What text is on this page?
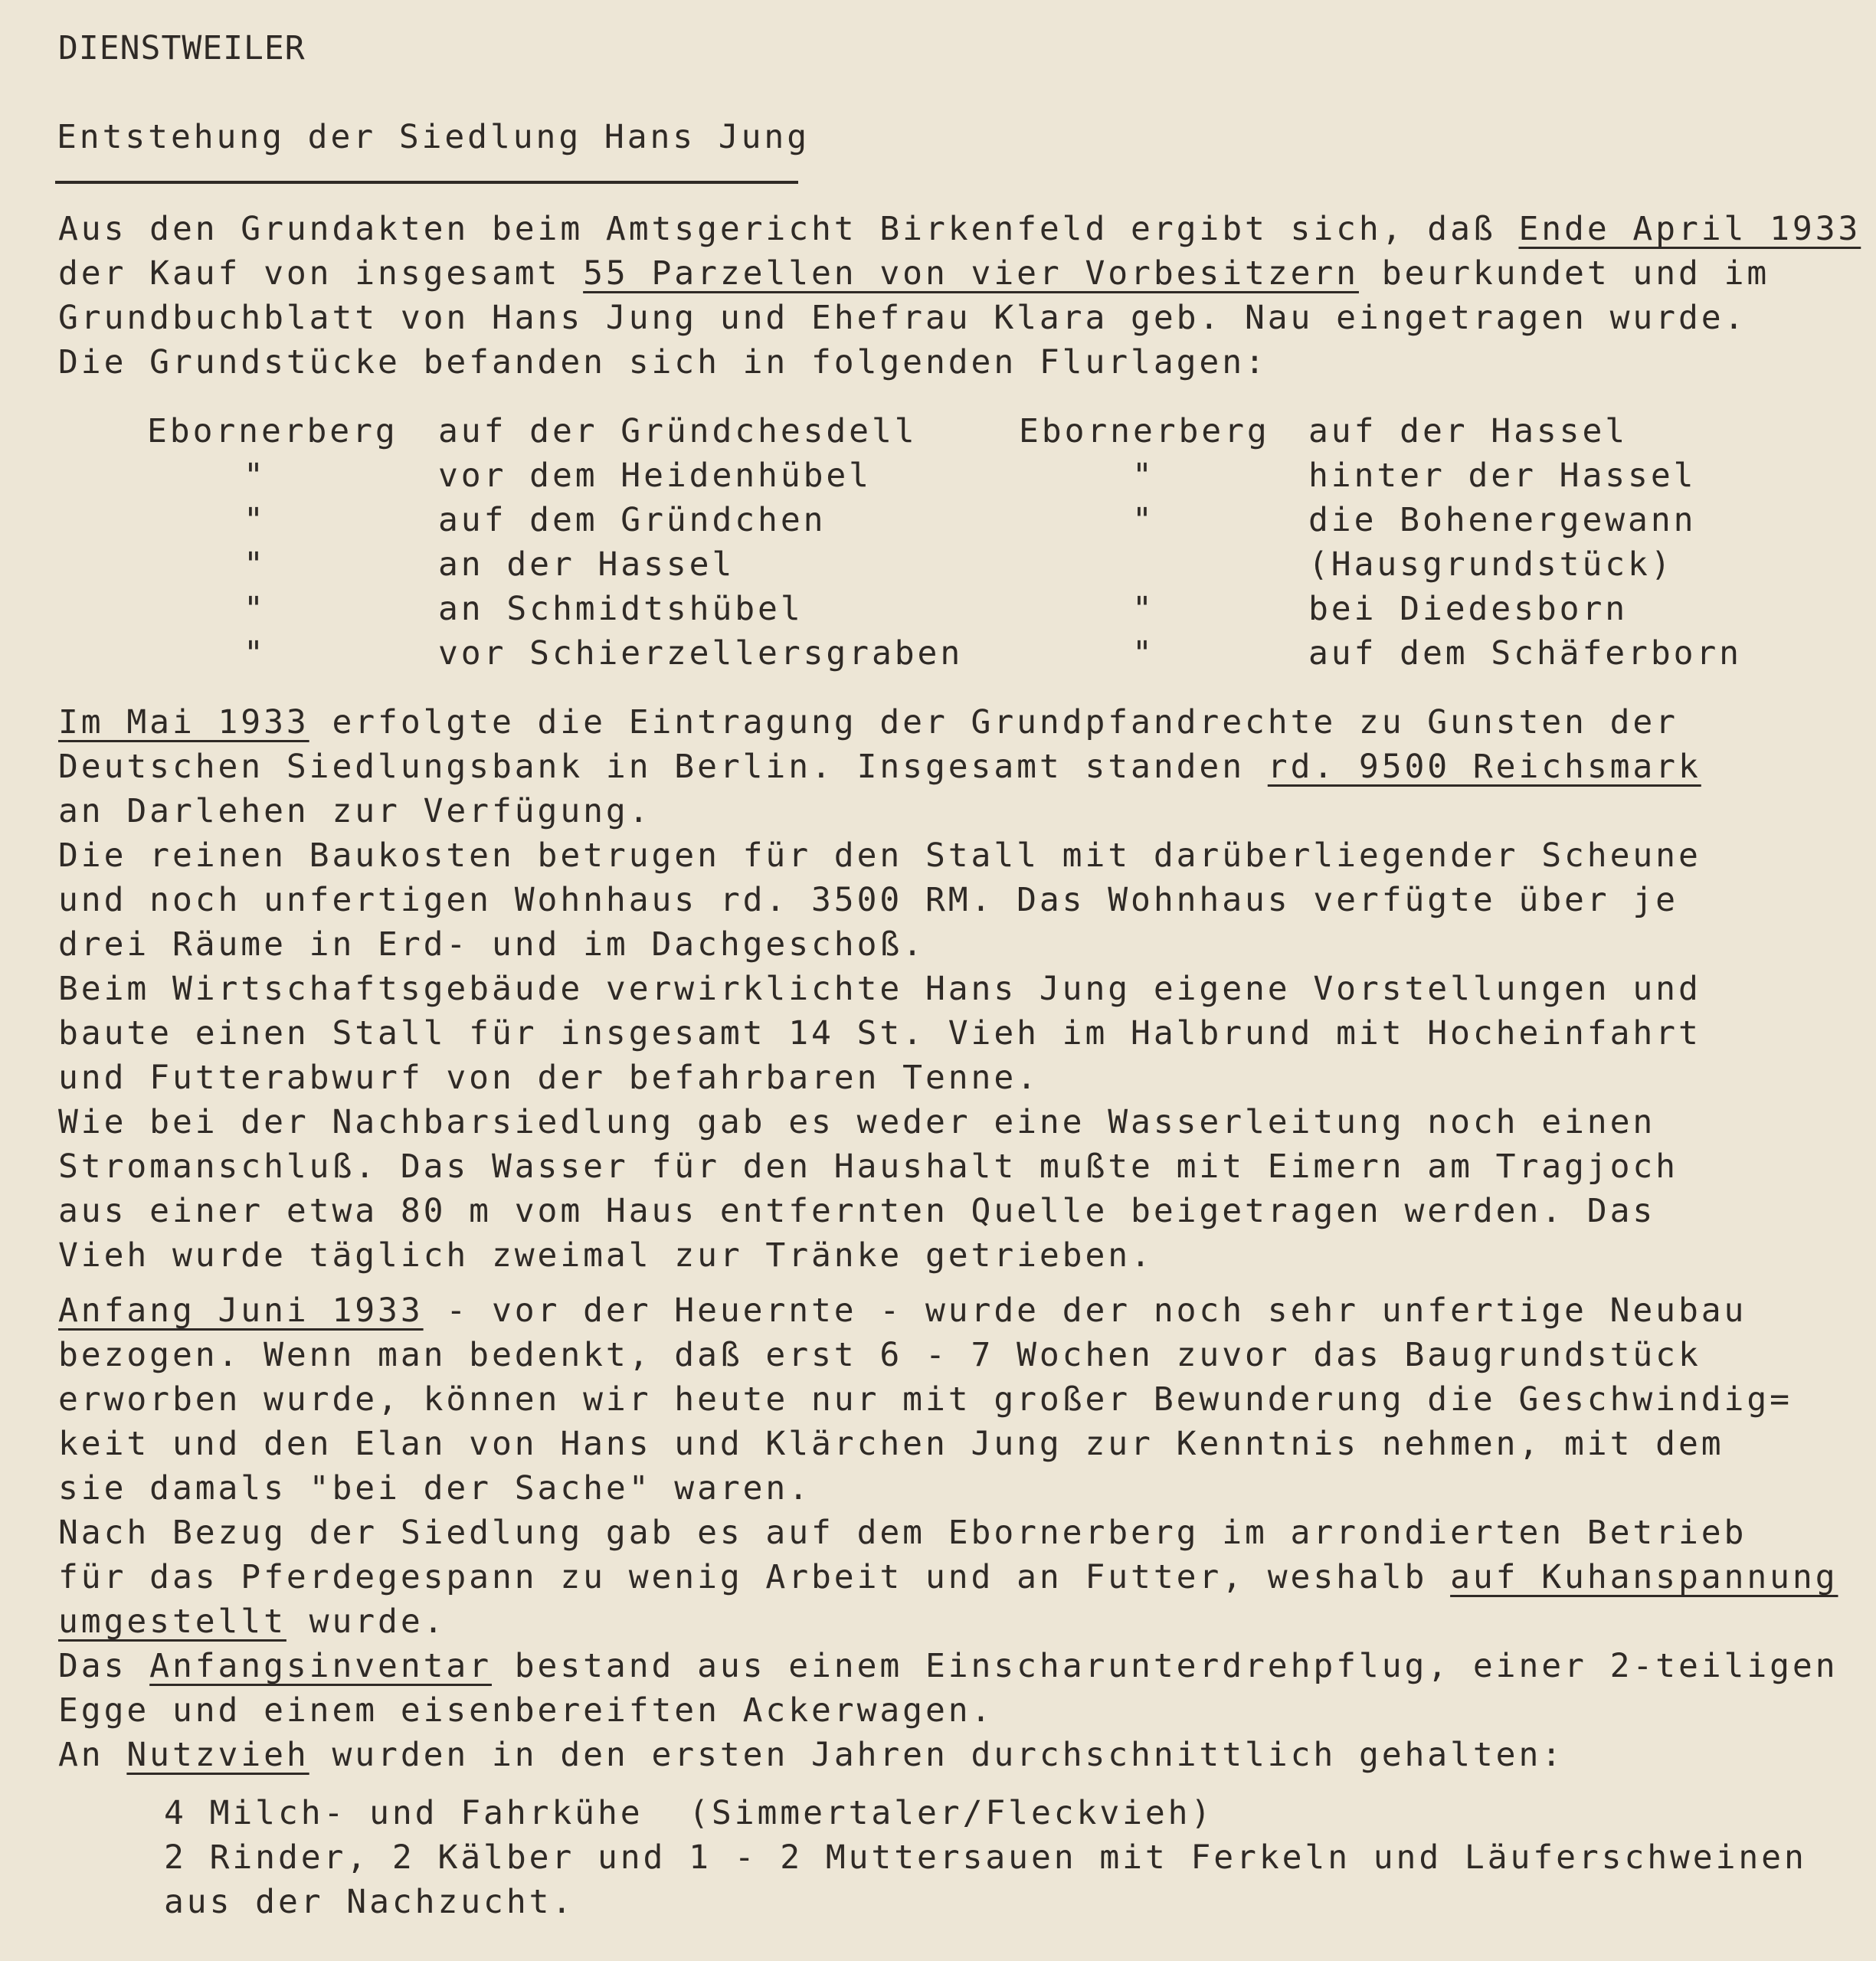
DIENSTWEILER
Entstehung der Siedlung Hans Jung
Aus den Grundakten beim Amtsgericht Birkenfeld ergibt sich, daß Ende April 1933
der Kauf von insgesamt 55 Parzellen von vier Vorbesitzern beurkundet und im
Grundbuchblatt von Hans Jung und Ehefrau Klara geb. Nau eingetragen wurde.
Die Grundstücke befanden sich in folgenden Flurlagen:
Ebornerberg
"
"
"
"
"
auf der Gründchesdell
vor dem Heidenhübel
auf dem Gründchen
an der Hassel
an Schmidtshübel
vor Schierzellersgraben
Ebornerberg
"
"
"
"
auf der Hassel
hinter der Hassel
die Bohenergewann
(Hausgrundstück)
bei Diedesborn
auf dem Schäferborn
Im Mai 1933 erfolgte die Eintragung der Grundpfandrechte zu Gunsten der
Deutschen Siedlungsbank in Berlin. Insgesamt standen rd. 9500 Reichsmark
an Darlehen zur Verfügung.
Die reinen Baukosten betrugen für den Stall mit darüberliegender Scheune
und noch unfertigen Wohnhaus rd. 3500 RM. Das Wohnhaus verfügte über je
drei Räume in Erd- und im Dachgeschoß.
Beim Wirtschaftsgebäude verwirklichte Hans Jung eigene Vorstellungen und
baute einen Stall für insgesamt 14 St. Vieh im Halbrund mit Hocheinfahrt
und Futterabwurf von der befahrbaren Tenne.
Wie bei der Nachbarsiedlung gab es weder eine Wasserleitung noch einen
Stromanschluß. Das Wasser für den Haushalt mußte mit Eimern am Tragjoch
aus einer etwa 80 m vom Haus entfernten Quelle beigetragen werden. Das
Vieh wurde täglich zweimal zur Tränke getrieben.
Anfang Juni 1933 - vor der Heuernte - wurde der noch sehr unfertige Neubau
bezogen. Wenn man bedenkt, daß erst 6 - 7 Wochen zuvor das Baugrundstück
erworben wurde, können wir heute nur mit großer Bewunderung die Geschwindig=
keit und den Elan von Hans und Klärchen Jung zur Kenntnis nehmen, mit dem
sie damals "bei der Sache" waren.
Nach Bezug der Siedlung gab es auf dem Ebornerberg im arrondierten Betrieb
für das Pferdegespann zu wenig Arbeit und an Futter, weshalb auf Kuhanspannung
umgestellt wurde.
Das Anfangsinventar bestand aus einem Einscharunterdrehpflug, einer 2-teiligen
Egge und einem eisenbereiften Ackerwagen.
An Nutzvieh wurden in den ersten Jahren durchschnittlich gehalten:
4 Milch- und Fahrkühe  (Simmertaler/Fleckvieh)
2 Rinder, 2 Kälber und 1 - 2 Muttersauen mit Ferkeln und Läuferschweinen
aus der Nachzucht.
